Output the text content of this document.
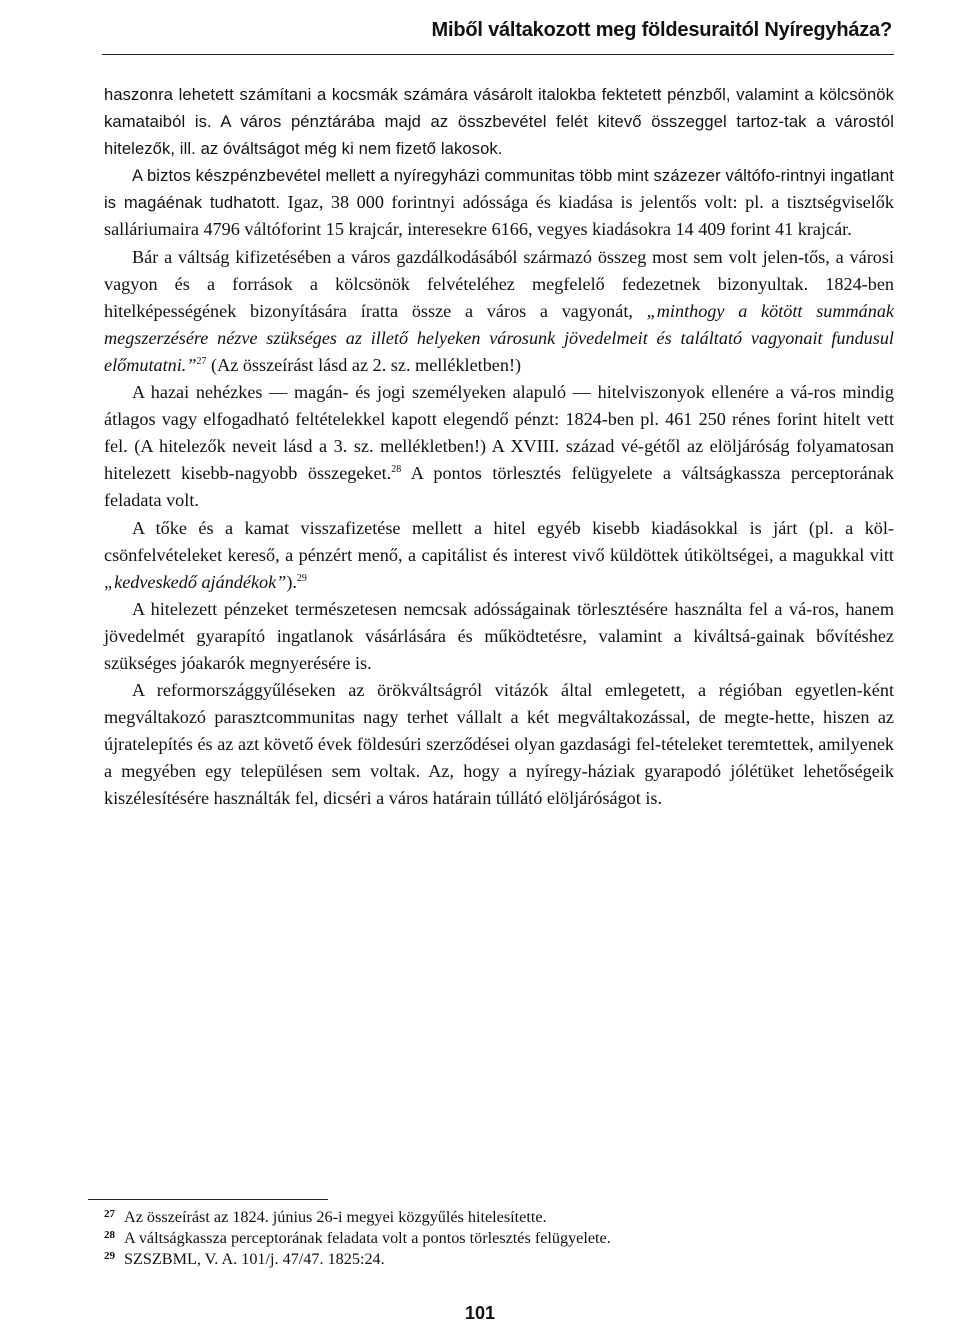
Miből váltakozott meg földesuraitól Nyíregyháza?

haszonra lehetett számítani a kocsmák számára vásárolt italokba fektetett pénzből, valamint a kölcsönök kamataiból is. A város pénztárába majd az összbevétel felét kitevő összeggel tartoz-tak a várostól hitelezők, ill. az óváltságot még ki nem fizető lakosok.
A biztos készpénzbevétel mellett a nyíregyházi communitas több mint százezer váltófo-rintnyi ingatlant is magáénak tudhatott. Igaz, 38 000 forintnyi adóssága és kiadása is jelentős volt: pl. a tisztségviselők salláriumaira 4796 váltóforint 15 krajcár, interesekre 6166, vegyes kiadásokra 14 409 forint 41 krajcár.

Bár a váltság kifizetésében a város gazdálkodásából származó összeg most sem volt jelen-tős, a városi vagyon és a források a kölcsönök felvételéhez megfelelő fedezetnek bizonyultak. 1824-ben hitelképességének bizonyítására íratta össze a város a vagyonát, „minthogy a kötött summának megszerzésére nézve szükséges az illető helyeken városunk jövedelmeit és találtató vagyonait fundusul előmutatni.”$^{27}$ (Az összeírást lásd az 2. sz. mellékletben!)

A hazai nehézkes — magán- és jogi személyeken alapuló — hitelviszonyok ellenére a vá-ros mindig átlagos vagy elfogadható feltételekkel kapott elegendő pénzt: 1824-ben pl. 461 250 rénes forint hitelt vett fel. (A hitelezők neveit lásd a 3. sz. mellékletben!) A XVIII. század vé-gétől az elöljáróság folyamatosan hitelezett kisebb-nagyobb összegeket.$^{28}$ A pontos törlesztés felügyelete a váltságkassza perceptorának feladata volt.

A tőke és a kamat visszafizetése mellett a hitel egyéb kisebb kiadásokkal is járt (pl. a köl-csönfelvételeket kereső, a pénzért menő, a capitálist és interest vivő küldöttek útiköltségei, a magukkal vitt „kedveskedő ajándékok”).$^{29}$

A hitelezett pénzeket természetesen nemcsak adósságainak törlesztésére használta fel a vá-ros, hanem jövedelmét gyarapító ingatlanok vásárlására és működtetésre, valamint a kiváltsá-gainak bővítéshez szükséges jóakarók megnyerésére is.

A reformországgyűléseken az örökváltságról vitázók által emlegetett, a régióban egyetlen-ként megváltakozó parasztcommunitas nagy terhet vállalt a két megváltakozással, de megte-hette, hiszen az újratelepítés és az azt követő évek földesúri szerződései olyan gazdasági fel-tételeket teremtettek, amilyenek a megyében egy településen sem voltak. Az, hogy a nyíregy-háziak gyarapodó jólétüket lehetőségeik kiszélesítésére használták fel, dicséri a város határain túllátó elöljáróságot is.

27 Az összeírást az 1824. június 26-i megyei közgyűlés hitelesítette.
28 A váltságkassza perceptorának feladata volt a pontos törlesztés felügyelete.
29 SZSZBML, V. A. 101/j. 47/47. 1825:24.
101
